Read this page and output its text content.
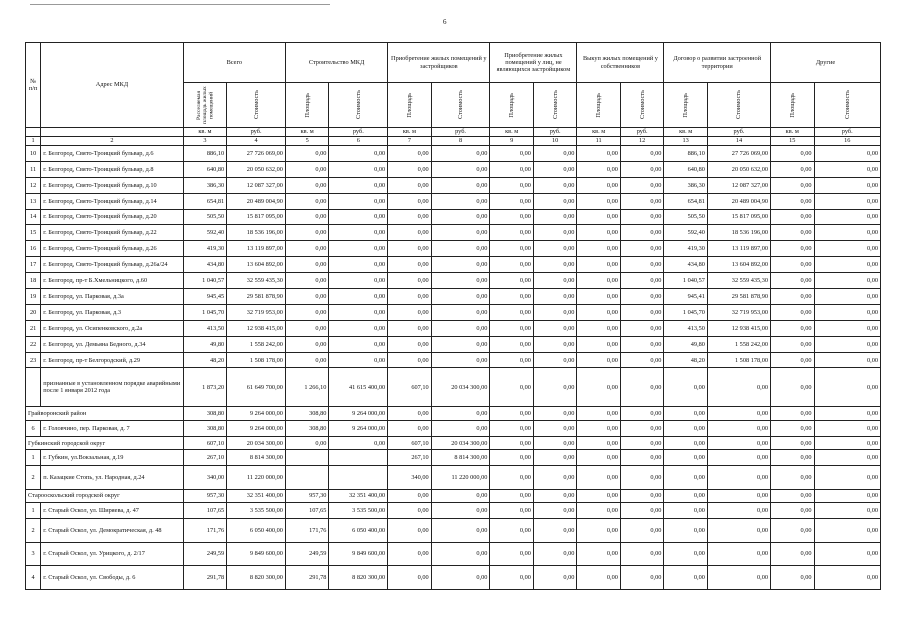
6
№ п/п	Адрес МКД	Всего		Строительство МКД		Приобретение жилых помещений у застройщиков		Приобретение жилых помещений у лиц, не являющихся застройщиком		Выкуп жилых помещений у собственников		Договор о развитии застроенной территории		Другие	

		Расселяемая площадь жилых помещений	Стоимость	Площадь	Стоимость	Площадь	Стоимость	Площадь	Стоимость	Площадь	Стоимость	Площадь	Стоимость	Площадь	Стоимость

		кв. м	руб.	кв. м	руб.	кв. м	руб.	кв. м	руб.	кв. м	руб.	кв. м	руб.	кв. м	руб.
1	2	3	4	5	6	7	8	9	10	11	12	13	14	15	16
10	г. Белгород, Свято-Троицкий бульвар, д.6	886,10	27 726 069,00	0,00	0,00	0,00	0,00	0,00	0,00	0,00	0,00	886,10	27 726 069,00	0,00	0,00
11	г. Белгород, Свято-Троицкий бульвар, д.8	640,80	20 050 632,00	0,00	0,00	0,00	0,00	0,00	0,00	0,00	0,00	640,80	20 050 632,00	0,00	0,00
12	г. Белгород, Свято-Троицкий бульвар, д.10	386,30	12 087 327,00	0,00	0,00	0,00	0,00	0,00	0,00	0,00	0,00	386,30	12 087 327,00	0,00	0,00
13	г. Белгород, Свято-Троицкий бульвар, д.14	654,81	20 489 004,90	0,00	0,00	0,00	0,00	0,00	0,00	0,00	0,00	654,81	20 489 004,90	0,00	0,00
14	г. Белгород, Свято-Троицкий бульвар, д.20	505,50	15 817 095,00	0,00	0,00	0,00	0,00	0,00	0,00	0,00	0,00	505,50	15 817 095,00	0,00	0,00
15	г. Белгород, Свято-Троицкий бульвар, д.22	592,40	18 536 196,00	0,00	0,00	0,00	0,00	0,00	0,00	0,00	0,00	592,40	18 536 196,00	0,00	0,00
16	г. Белгород, Свято-Троицкий бульвар, д.26	419,30	13 119 897,00	0,00	0,00	0,00	0,00	0,00	0,00	0,00	0,00	419,30	13 119 897,00	0,00	0,00
17	г. Белгород, Свято-Троицкий бульвар, д.26а/24	434,80	13 604 892,00	0,00	0,00	0,00	0,00	0,00	0,00	0,00	0,00	434,80	13 604 892,00	0,00	0,00
18	г. Белгород, пр-т Б.Хмельницкого, д.60	1 040,57	32 559 435,30	0,00	0,00	0,00	0,00	0,00	0,00	0,00	0,00	1 040,57	32 559 435,30	0,00	0,00
19	г. Белгород, ул. Парковая, д.3а	945,45	29 581 878,90	0,00	0,00	0,00	0,00	0,00	0,00	0,00	0,00	945,41	29 581 878,90	0,00	0,00
20	г. Белгород, ул. Парковая, д.3	1 045,70	32 719 953,00	0,00	0,00	0,00	0,00	0,00	0,00	0,00	0,00	1 045,70	32 719 953,00	0,00	0,00
21	г. Белгород, ул. Осипенковского, д.2а	413,50	12 938 415,00	0,00	0,00	0,00	0,00	0,00	0,00	0,00	0,00	413,50	12 938 415,00	0,00	0,00
22	г. Белгород, ул. Демьяна Бедного, д.34	49,80	1 558 242,00	0,00	0,00	0,00	0,00	0,00	0,00	0,00	0,00	49,80	1 558 242,00	0,00	0,00
23	г. Белгород, пр-т Белгородский, д.29	48,20	1 508 178,00	0,00	0,00	0,00	0,00	0,00	0,00	0,00	0,00	48,20	1 508 178,00	0,00	0,00
	признанные в установленном порядке аварийными после 1 января 2012 года	1 873,20	61 649 700,00	1 266,10	41 615 400,00	607,10	20 034 300,00	0,00	0,00	0,00	0,00	0,00	0,00	0,00	0,00
Грайворонский район		308,80	9 264 000,00	308,80	9 264 000,00	0,00	0,00	0,00	0,00	0,00	0,00	0,00	0,00	0,00	0,00
6	г. Головчино, пер. Парковая, д. 7	308,80	9 264 000,00	308,80	9 264 000,00	0,00	0,00	0,00	0,00	0,00	0,00	0,00	0,00	0,00	0,00
Губкинский городской округ		607,10	20 034 300,00	0,00	0,00	607,10	20 034 300,00	0,00	0,00	0,00	0,00	0,00	0,00	0,00	0,00
1	г. Губкин, ул.Вокзальная, д.19	267,10	8 814 300,00			267,10	8 814 300,00	0,00	0,00	0,00	0,00	0,00	0,00	0,00	0,00
2	п. Казацкие Стопь, ул. Народная, д.24	340,00	11 220 000,00			340,00	11 220 000,00	0,00	0,00	0,00	0,00	0,00	0,00	0,00	0,00
Старооскольский городской округ		957,30	32 351 400,00	957,30	32 351 400,00	0,00	0,00	0,00	0,00	0,00	0,00	0,00	0,00	0,00	0,00
1	г. Старый Оскол, ул. Ширяева, д. 47	107,65	3 535 500,00	107,65	3 535 500,00	0,00	0,00	0,00	0,00	0,00	0,00	0,00	0,00	0,00	0,00
2	г. Старый Оскол, ул. Демократическая, д. 48	171,76	6 050 400,00	171,76	6 050 400,00	0,00	0,00	0,00	0,00	0,00	0,00	0,00	0,00	0,00	0,00
3	г. Старый Оскол, ул. Урицкого, д. 2/17	249,59	9 849 600,00	249,59	9 849 600,00	0,00	0,00	0,00	0,00	0,00	0,00	0,00	0,00	0,00	0,00
4	г. Старый Оскол, ул. Свободы, д. 6	291,78	8 820 300,00	291,78	8 820 300,00	0,00	0,00	0,00	0,00	0,00	0,00	0,00	0,00	0,00	0,00
